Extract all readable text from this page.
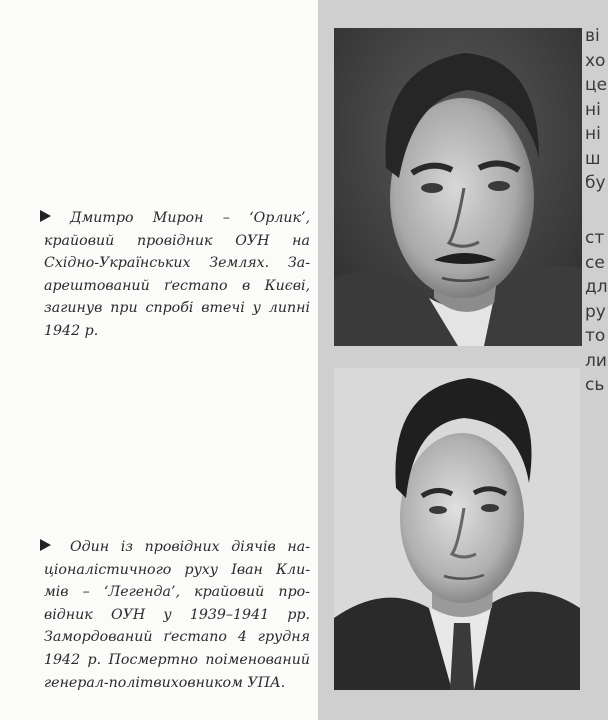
Дмитро Мирон – ‘Орлик’,
крайовий провідник ОУН на
Східно-Українських Землях. За-
арештований ґестапо в Києві,
загинув при спробі втечі у липні
1942 р.
Один із провідних діячів на-
ціоналістичного руху Іван Кли-
мів – ‘Легенда’, крайовий про-
відник ОУН у 1939–1941 рр.
Замордований ґестапо 4 грудня
1942 р. Посмертно поіменований
генерал-політвиховником УПА.
ві
хо
це
ні
ні
ш
бу
ст
се
дл
ру
то
ли
сь
